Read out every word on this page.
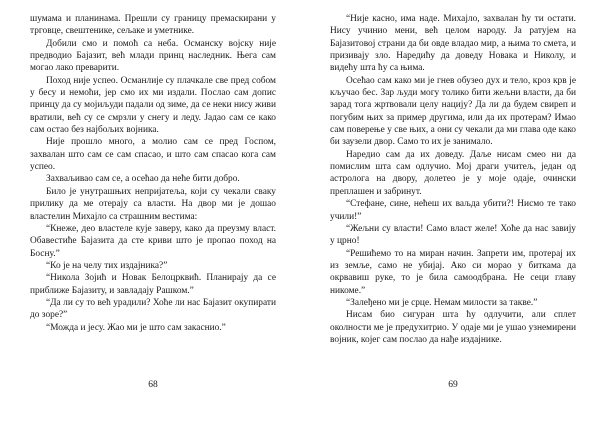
шумама и планинама. Прешли су границу премаскирани у трговце, свештенике, сељаке и уметнике.

Добили смо и помоћ са неба. Османску војску није предводио Бајазит, већ млади принц наследник. Њега сам могао лако преварити.

Поход није успео. Османлије су плачкале све пред собом у бесу и немоћи, јер смо их ми издали. Послао сам допис принцу да су мојиљуди падали од зиме, да се неки нису живи вратили, већ су се смрзли у снегу и леду. Јадао сам се како сам остао без најбољих војника.

Није прошло много, а молио сам се пред Госпом, захвалан што сам се сам спасао, и што сам спасао кога сам успео.

Захваљивао сам се, а осећао да неће бити добро.

Било је унутрашњих непријатеља, који су чекали сваку прилику да ме отерају са власти. На двор ми је дошао властелин Михајло са страшним вестима:

“Кнеже, део властеле кује заверу, како да преузму власт. Обавестиће Бајазита да сте криви што је пропао поход на Босну.”

“Ко је на челу тих издајника?”

“Никола Зојић и Новак Белоцрквић. Планирају да се приближе Бајазиту, и завладају Рашком.”

“Да ли су то већ урадили? Хоће ли нас Бајазит окупирати до зоре?”

“Можда и јесу. Жао ми је што сам закаснио.”

68

“Није касно, има наде. Михајло, захвалан ћу ти остати. Нису учинио мени, већ целом народу. Ја ратујем на Бајазитовој страни да би овде владао мир, а њима то смета, и призивају зло. Наредићу да доведу Новака и Николу, и видећу шта ћу са њима.

Осећао сам како ми је гнев обузео дух и тело, кроз крв је кључао бес. Зар људи могу толико бити жељни власти, да би зарад тога жртвовали целу нацију? Да ли да будем свиреп и погубим њих за пример другима, или да их протерам? Имао сам поверење у све њих, а они су чекали да ми глава оде како би заузели двор. Само то их је занимало.

Наредио сам да их доведу. Даље нисам смео ни да помислим шта сам одлучио. Мој драги учитељ, један од астролога на двору, долетео је у моје одаје, очински преплашен и забринут.

“Стефане, сине, нећеш их ваљда убити?! Нисмо те тако учили!”

“Жељни су власти! Само власт желе! Хоће да нас завију у црно!

“Решићемо то на миран начин. Запрети им, протерај их из земље, само не убијај. Ако си морао у биткама да окрвавиш руке, то је била самоодбрана. Не сеци главу никоме.”

“Залеђено ми је срце. Немам милости за такве.”

Нисам био сигуран шта ћу одлучити, али сплет околности ме је предухитрио. У одаје ми је ушао узнемирени војник, којег сам послао да нађе издајнике.

69
